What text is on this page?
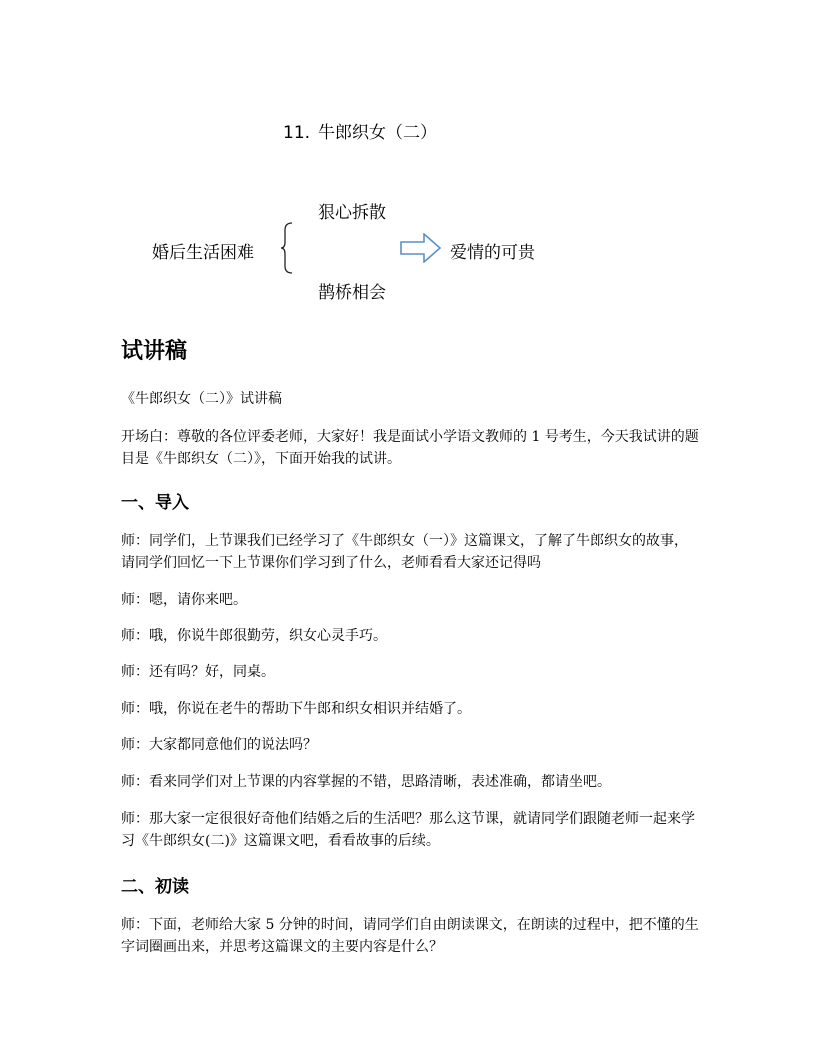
11. 牛郎织女（二）
狠心拆散
婚后生活困难
鹊桥相会
爱情的可贵
试讲稿
《牛郎织女（二）》试讲稿
开场白：尊敬的各位评委老师，大家好！我是面试小学语文教师的 1 号考生，今天我试讲的题目是《牛郎织女（二）》，下面开始我的试讲。
一、导入
师：同学们，上节课我们已经学习了《牛郎织女（一）》这篇课文，了解了牛郎织女的故事，请同学们回忆一下上节课你们学习到了什么，老师看看大家还记得吗
师：嗯，请你来吧。
师：哦，你说牛郎很勤劳，织女心灵手巧。
师：还有吗？好，同桌。
师：哦，你说在老牛的帮助下牛郎和织女相识并结婚了。
师：大家都同意他们的说法吗？
师：看来同学们对上节课的内容掌握的不错，思路清晰，表述准确，都请坐吧。
师：那大家一定很很好奇他们结婚之后的生活吧？那么这节课，就请同学们跟随老师一起来学习《牛郎织女(二)》这篇课文吧，看看故事的后续。
二、初读
师：下面，老师给大家 5 分钟的时间，请同学们自由朗读课文，在朗读的过程中，把不懂的生字词圈画出来，并思考这篇课文的主要内容是什么？
